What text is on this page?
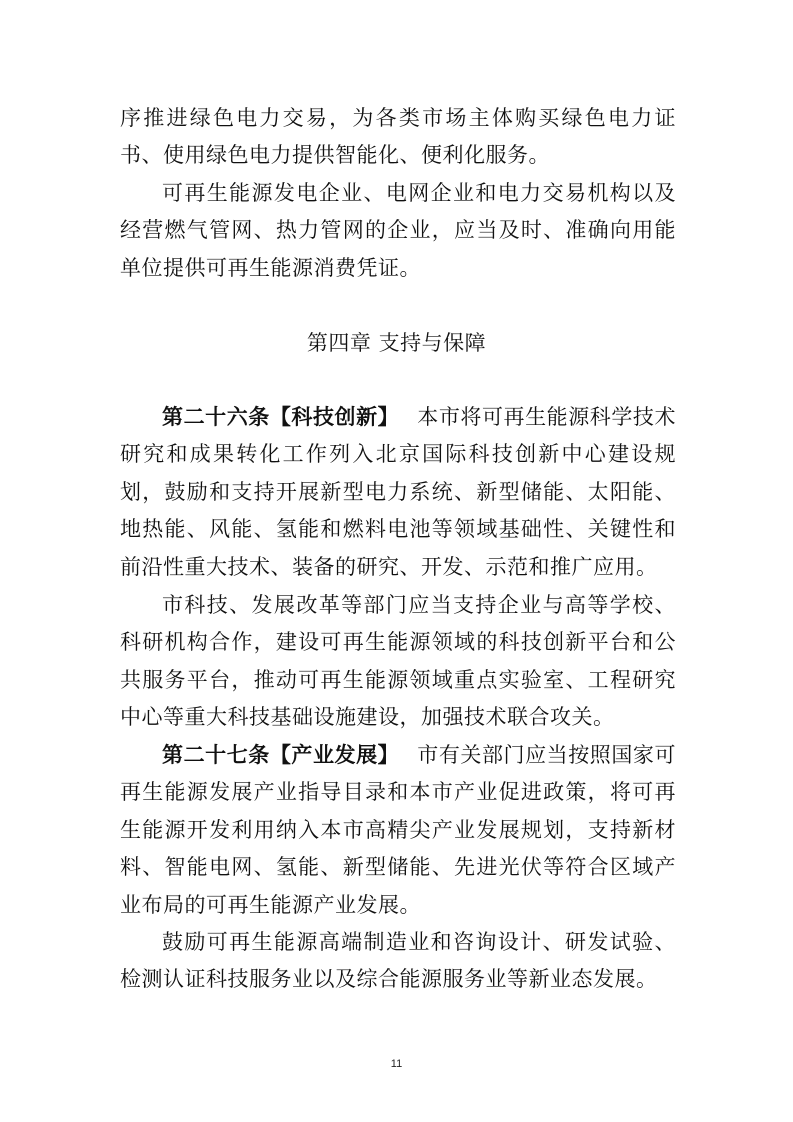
序推进绿色电力交易，为各类市场主体购买绿色电力证书、使用绿色电力提供智能化、便利化服务。

可再生能源发电企业、电网企业和电力交易机构以及经营燃气管网、热力管网的企业，应当及时、准确向用能单位提供可再生能源消费凭证。

第四章 支持与保障

第二十六条【科技创新】 本市将可再生能源科学技术研究和成果转化工作列入北京国际科技创新中心建设规划，鼓励和支持开展新型电力系统、新型储能、太阳能、地热能、风能、氢能和燃料电池等领域基础性、关键性和前沿性重大技术、装备的研究、开发、示范和推广应用。

市科技、发展改革等部门应当支持企业与高等学校、科研机构合作，建设可再生能源领域的科技创新平台和公共服务平台，推动可再生能源领域重点实验室、工程研究中心等重大科技基础设施建设，加强技术联合攻关。

第二十七条【产业发展】 市有关部门应当按照国家可再生能源发展产业指导目录和本市产业促进政策，将可再生能源开发利用纳入本市高精尖产业发展规划，支持新材料、智能电网、氢能、新型储能、先进光伏等符合区域产业布局的可再生能源产业发展。

鼓励可再生能源高端制造业和咨询设计、研发试验、检测认证科技服务业以及综合能源服务业等新业态发展。

11
